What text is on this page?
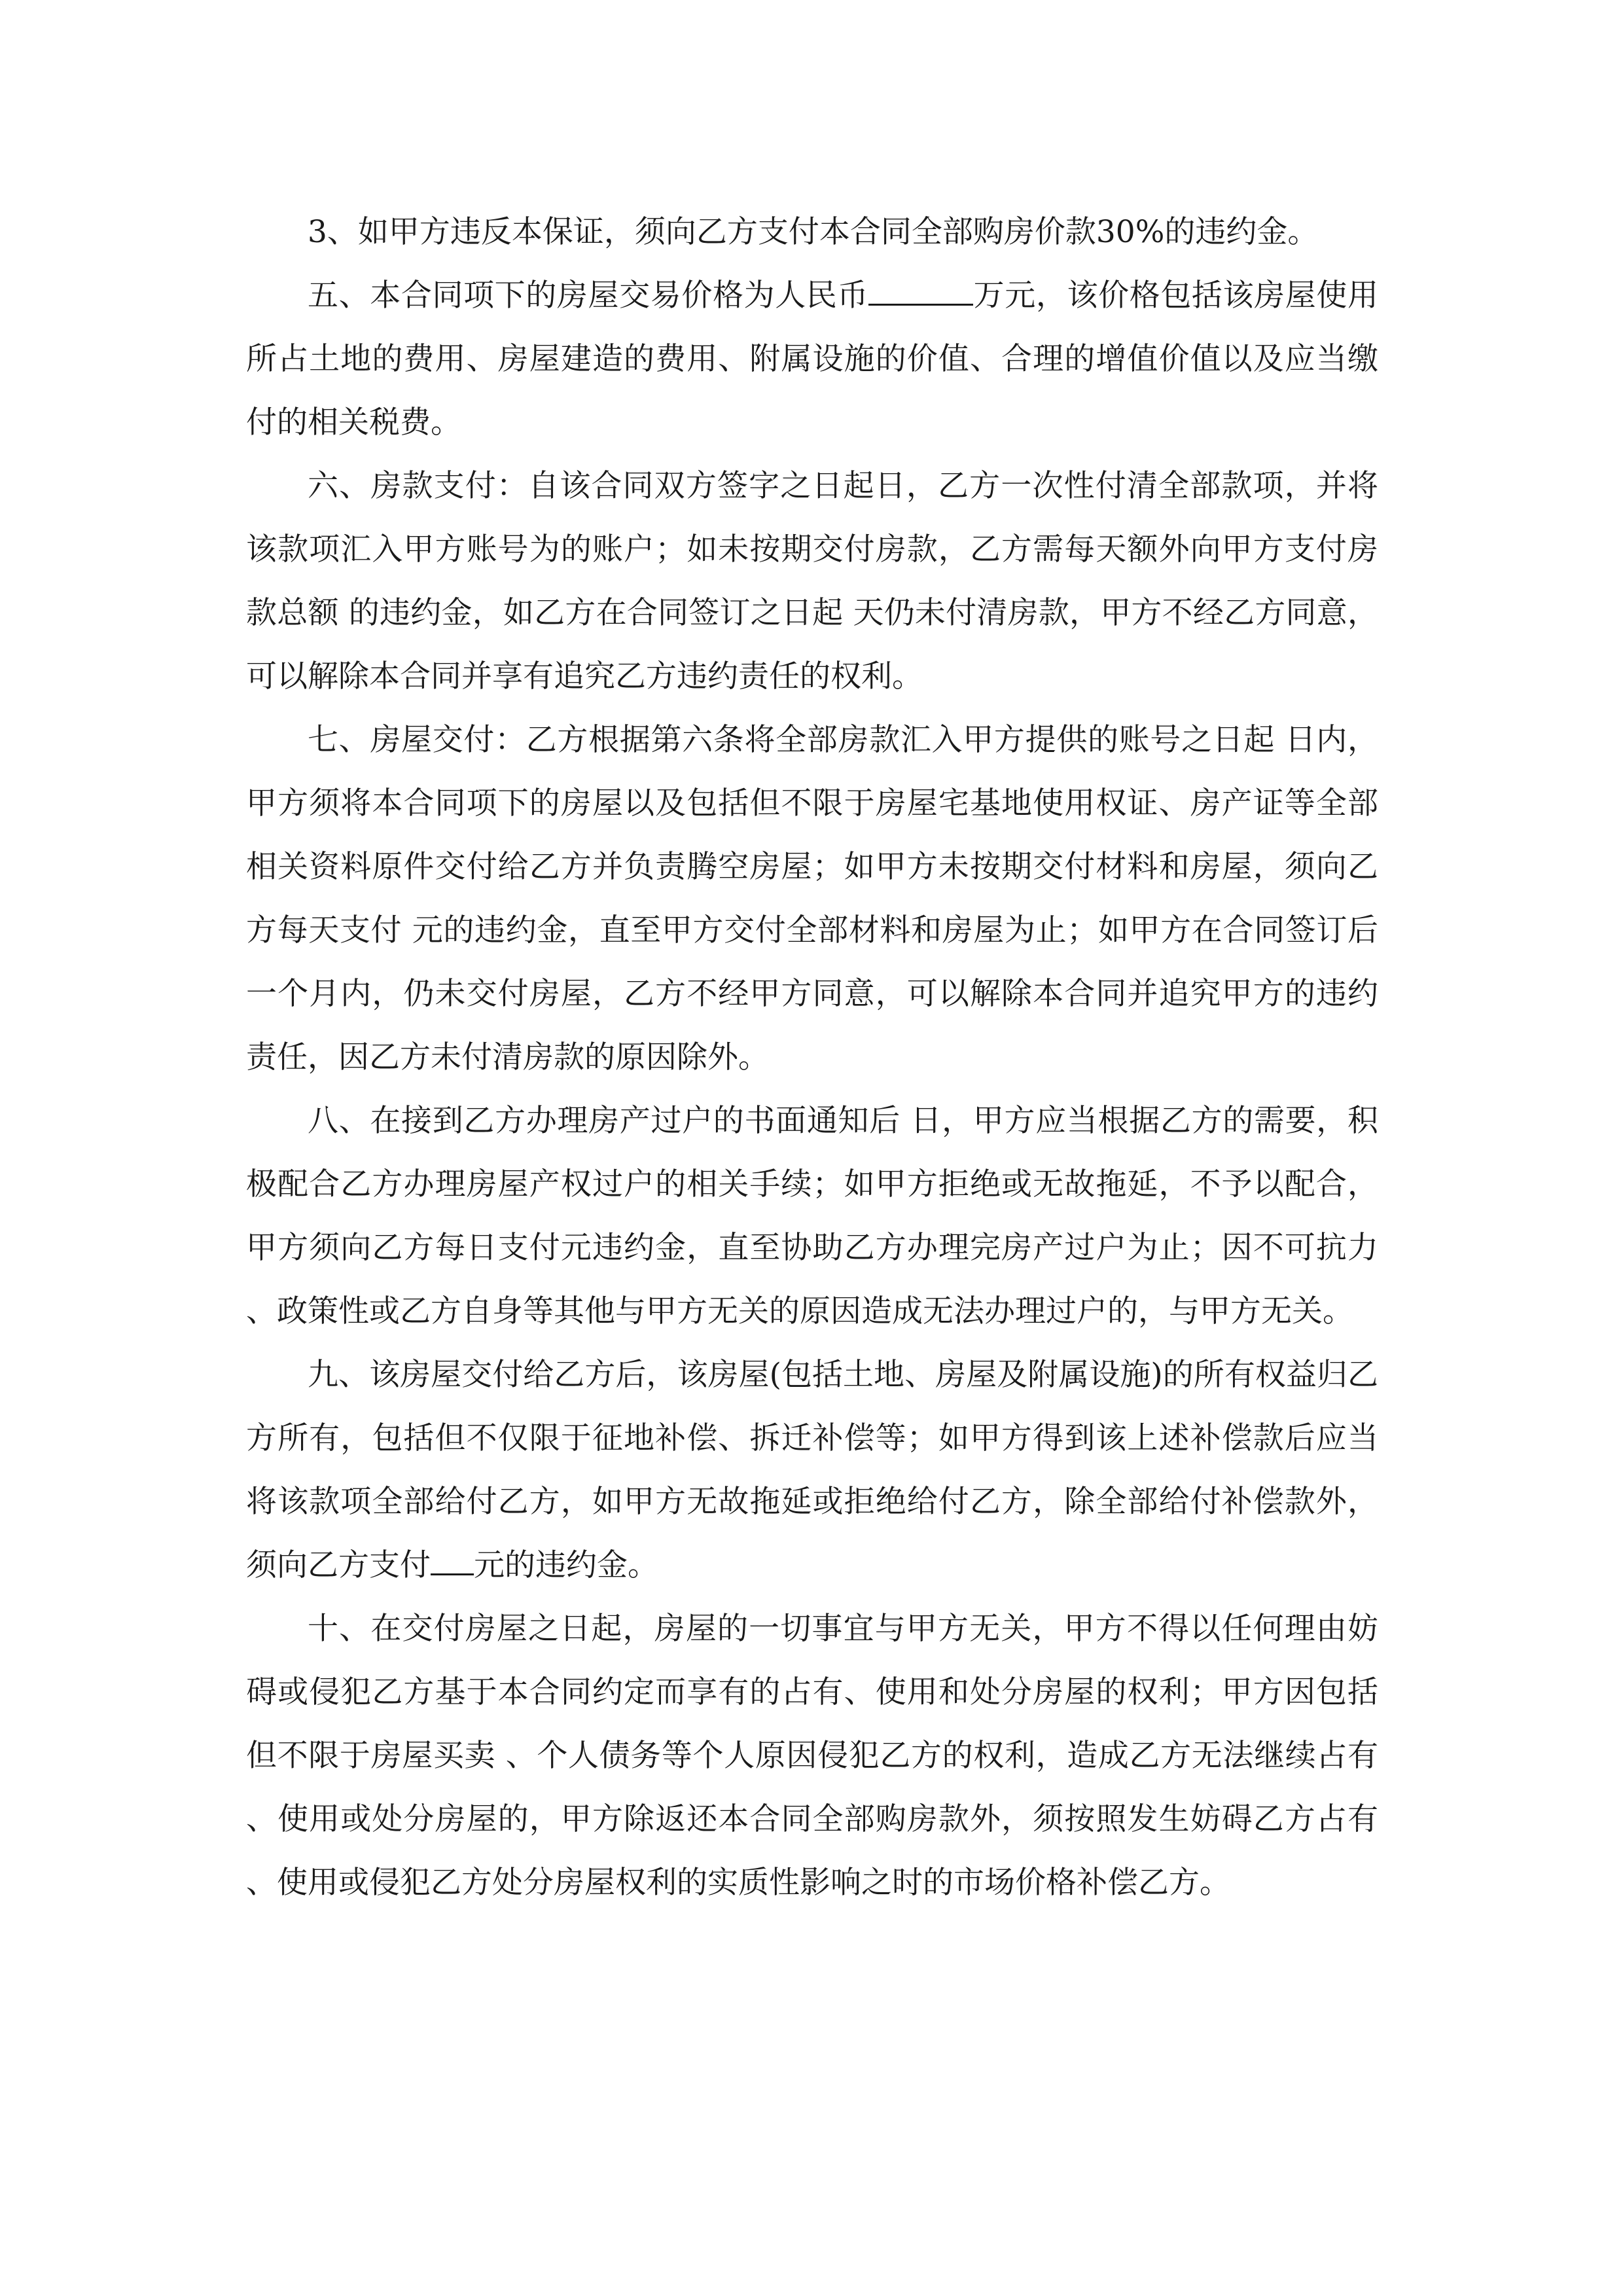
3、如甲方违反本保证，须向乙方支付本合同全部购房价款30%的违约金。

五、本合同项下的房屋交易价格为人民币	万元，该价格包括该房屋使用所占土地的费用、房屋建造的费用、附属设施的价值、合理的增值价值以及应当缴付的相关税费。

六、房款支付：自该合同双方签字之日起日，乙方一次性付清全部款项，并将该款项汇入甲方账号为的账户；如未按期交付房款，乙方需每天额外向甲方支付房款总额 的违约金，如乙方在合同签订之日起 天仍未付清房款，甲方不经乙方同意，可以解除本合同并享有追究乙方违约责任的权利。

七、房屋交付：乙方根据第六条将全部房款汇入甲方提供的账号之日起 日内，甲方须将本合同项下的房屋以及包括但不限于房屋宅基地使用权证、房产证等全部相关资料原件交付给乙方并负责腾空房屋；如甲方未按期交付材料和房屋，须向乙方每天支付 元的违约金，直至甲方交付全部材料和房屋为止；如甲方在合同签订后一个月内，仍未交付房屋，乙方不经甲方同意，可以解除本合同并追究甲方的违约责任，因乙方未付清房款的原因除外。

八、在接到乙方办理房产过户的书面通知后 日，甲方应当根据乙方的需要，积极配合乙方办理房屋产权过户的相关手续；如甲方拒绝或无故拖延，不予以配合，甲方须向乙方每日支付元违约金，直至协助乙方办理完房产过户为止；因不可抗力、政策性或乙方自身等其他与甲方无关的原因造成无法办理过户的，与甲方无关。

九、该房屋交付给乙方后，该房屋(包括土地、房屋及附属设施)的所有权益归乙方所有，包括但不仅限于征地补偿、拆迁补偿等；如甲方得到该上述补偿款后应当将该款项全部给付乙方，如甲方无故拖延或拒绝给付乙方，除全部给付补偿款外，须向乙方支付 元的违约金。

十、在交付房屋之日起，房屋的一切事宜与甲方无关，甲方不得以任何理由妨碍或侵犯乙方基于本合同约定而享有的占有、使用和处分房屋的权利；甲方因包括但不限于房屋买卖 、个人债务等个人原因侵犯乙方的权利，造成乙方无法继续占有、使用或处分房屋的，甲方除返还本合同全部购房款外，须按照发生妨碍乙方占有、使用或侵犯乙方处分房屋权利的实质性影响之时的市场价格补偿乙方。
